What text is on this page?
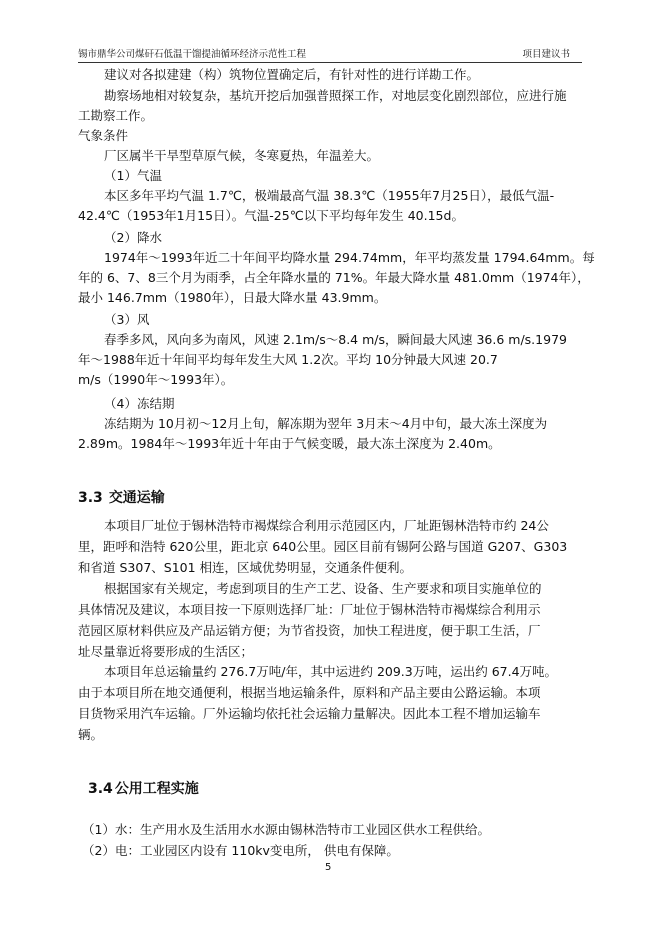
锡市鼎华公司煤矸石低温干馏提油循环经济示范性工程	项目建议书
建议对各拟建建（构）筑物位置确定后，有针对性的进行详勘工作。
勘察场地相对较复杂，基坑开挖后加强普照探工作，对地层变化剧烈部位，应进行施
工勘察工作。
气象条件
厂区属半干旱型草原气候，冬寒夏热，年温差大。
（1）气温
本区多年平均气温 1.7℃，极端最高气温 38.3℃（1955年7月25日），最低气温-
42.4℃（1953年1月15日）。气温-25℃以下平均每年发生 40.15d。
（2）降水
1974年～1993年近二十年间平均降水量 294.74mm，年平均蒸发量 1794.64mm。每
年的 6、7、8三个月为雨季，占全年降水量的 71%。年最大降水量 481.0mm（1974年），
最小 146.7mm（1980年），日最大降水量 43.9mm。
（3）风
春季多风，风向多为南风，风速 2.1m/s～8.4 m/s，瞬间最大风速 36.6 m/s.1979
年～1988年近十年间平均每年发生大风 1.2次。平均 10分钟最大风速 20.7
m/s（1990年～1993年）。
（4）冻结期
冻结期为 10月初～12月上旬，解冻期为翌年 3月末～4月中旬，最大冻土深度为
2.89m。1984年～1993年近十年由于气候变暖，最大冻土深度为 2.40m。
3.3 交通运输
本项目厂址位于锡林浩特市褐煤综合利用示范园区内，厂址距锡林浩特市约 24公
里，距呼和浩特 620公里，距北京 640公里。园区目前有锡阿公路与国道 G207、G303
和省道 S307、S101 相连，区域优势明显，交通条件便利。
根据国家有关规定，考虑到项目的生产工艺、设备、生产要求和项目实施单位的
具体情况及建议，本项目按一下原则选择厂址：厂址位于锡林浩特市褐煤综合利用示
范园区原材料供应及产品运销方便；为节省投资，加快工程进度，便于职工生活，厂
址尽量靠近将要形成的生活区；
本项目年总运输量约 276.7万吨/年，其中运进约 209.3万吨，运出约 67.4万吨。
由于本项目所在地交通便利，根据当地运输条件，原料和产品主要由公路运输。本项
目货物采用汽车运输。厂外运输均依托社会运输力量解决。因此本工程不增加运输车
辆。
3.4 公用工程实施
（1）水：生产用水及生活用水水源由锡林浩特市工业园区供水工程供给。
（2）电：工业园区内设有 110kv变电所， 供电有保障。
5
